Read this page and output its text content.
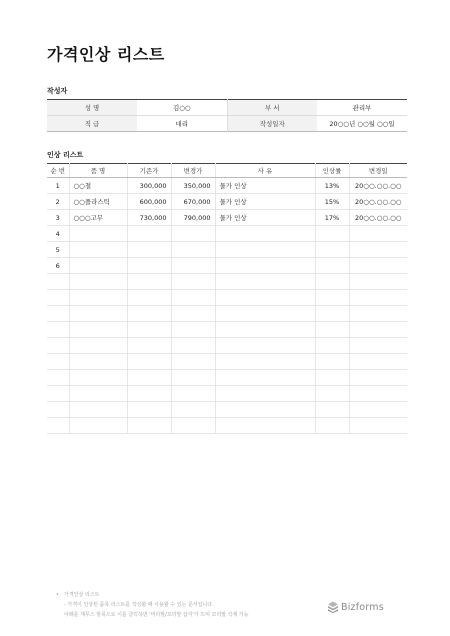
가격인상 리스트
작성자
성 명	김○○	부 서	관리부
직 급	대리	작성일자	20○○년 ○○월 ○○일
인상 리스트
순 번	품 명	기존가	변경가	사 유	인상률	변경일
1	○○철	300,000	350,000	물가 인상	13%	20○○.○○.○○
2	○○플라스틱	600,000	670,000	물가 인상	15%	20○○.○○.○○
3	○○○고무	730,000	790,000	물가 인상	17%	20○○.○○.○○
4						
5						
6						

• 가격인상 리스트
- 가격이 인상된 품목 리스트를 작성할 때 사용할 수 있는 문서입니다.
아래를 재무스 항목으로 이를 클릭하면 '머리말/꼬리말 삽자'가 뜨며 꼬리말 삭제 가능
Bizforms
